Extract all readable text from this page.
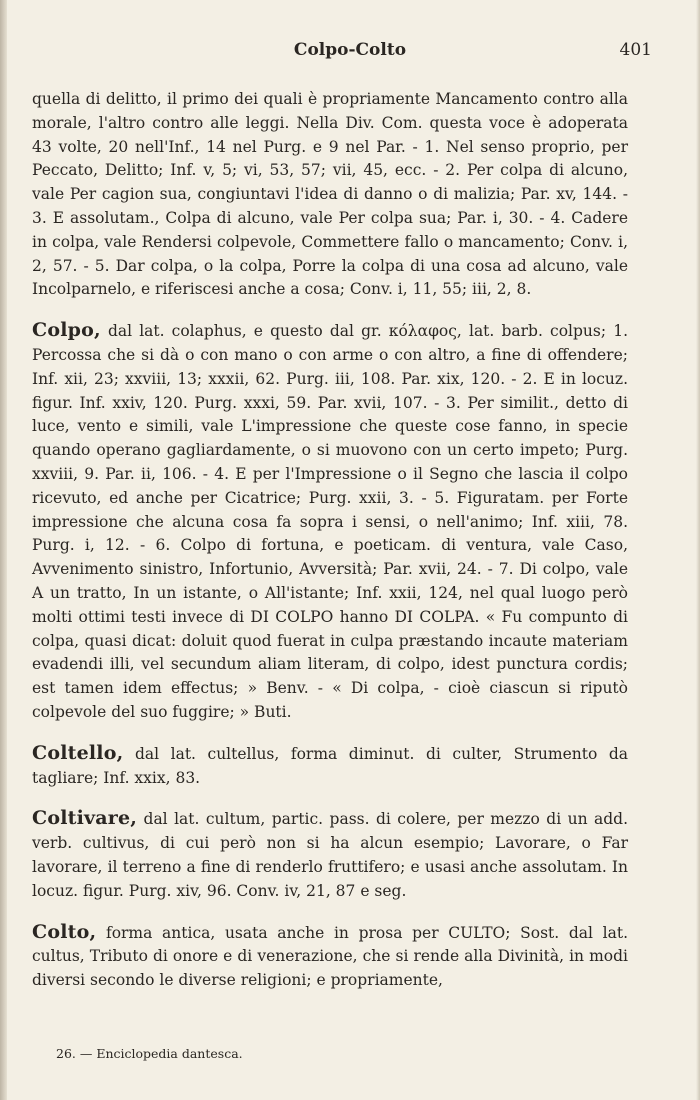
Colpo-Colto	401

quella di delitto, il primo dei quali è propriamente Mancamento contro alla morale, l'altro contro alle leggi. Nella Div. Com. questa voce è adoperata 43 volte, 20 nell'Inf., 14 nel Purg. e 9 nel Par. - 1. Nel senso proprio, per Peccato, Delitto; Inf. v, 5; vi, 53, 57; vii, 45, ecc. - 2. Per colpa di alcuno, vale Per cagion sua, congiuntavi l'idea di danno o di malizia; Par. xv, 144. - 3. E assolutam., Colpa di alcuno, vale Per colpa sua; Par. i, 30. - 4. Cadere in colpa, vale Rendersi colpevole, Commettere fallo o mancamento; Conv. i, 2, 57. - 5. Dar colpa, o la colpa, Porre la colpa di una cosa ad alcuno, vale Incolparnelo, e riferiscesi anche a cosa; Conv. i, 11, 55; iii, 2, 8.

Colpo, dal lat. colaphus, e questo dal gr. κόλαφος, lat. barb. colpus; 1. Percossa che si dà o con mano o con arme o con altro, a fine di offendere; Inf. xii, 23; xxviii, 13; xxxii, 62. Purg. iii, 108. Par. xix, 120. - 2. E in locuz. figur. Inf. xxiv, 120. Purg. xxxi, 59. Par. xvii, 107. - 3. Per similit., detto di luce, vento e simili, vale L'impressione che queste cose fanno, in specie quando operano gagliardamente, o si muovono con un certo impeto; Purg. xxviii, 9. Par. ii, 106. - 4. E per l'Impressione o il Segno che lascia il colpo ricevuto, ed anche per Cicatrice; Purg. xxii, 3. - 5. Figuratam. per Forte impressione che alcuna cosa fa sopra i sensi, o nell'animo; Inf. xiii, 78. Purg. i, 12. - 6. Colpo di fortuna, e poeticam. di ventura, vale Caso, Avvenimento sinistro, Infortunio, Avversità; Par. xvii, 24. - 7. Di colpo, vale A un tratto, In un istante, o All'istante; Inf. xxii, 124, nel qual luogo però molti ottimi testi invece di DI COLPO hanno DI COLPA. « Fu compunto di colpa, quasi dicat: doluit quod fuerat in culpa præstando incaute materiam evadendi illi, vel secundum aliam literam, di colpo, idest punctura cordis; est tamen idem effectus; » Benv. - « Di colpa, - cioè ciascun si riputò colpevole del suo fuggire; » Buti.

Coltello, dal lat. cultellus, forma diminut. di culter, Strumento da tagliare; Inf. xxix, 83.

Coltivare, dal lat. cultum, partic. pass. di colere, per mezzo di un add. verb. cultivus, di cui però non si ha alcun esempio; Lavorare, o Far lavorare, il terreno a fine di renderlo fruttifero; e usasi anche assolutam. In locuz. figur. Purg. xiv, 96. Conv. iv, 21, 87 e seg.

Colto, forma antica, usata anche in prosa per CULTO; Sost. dal lat. cultus, Tributo di onore e di venerazione, che si rende alla Divinità, in modi diversi secondo le diverse religioni; e propriamente,

26. — Enciclopedia dantesca.
